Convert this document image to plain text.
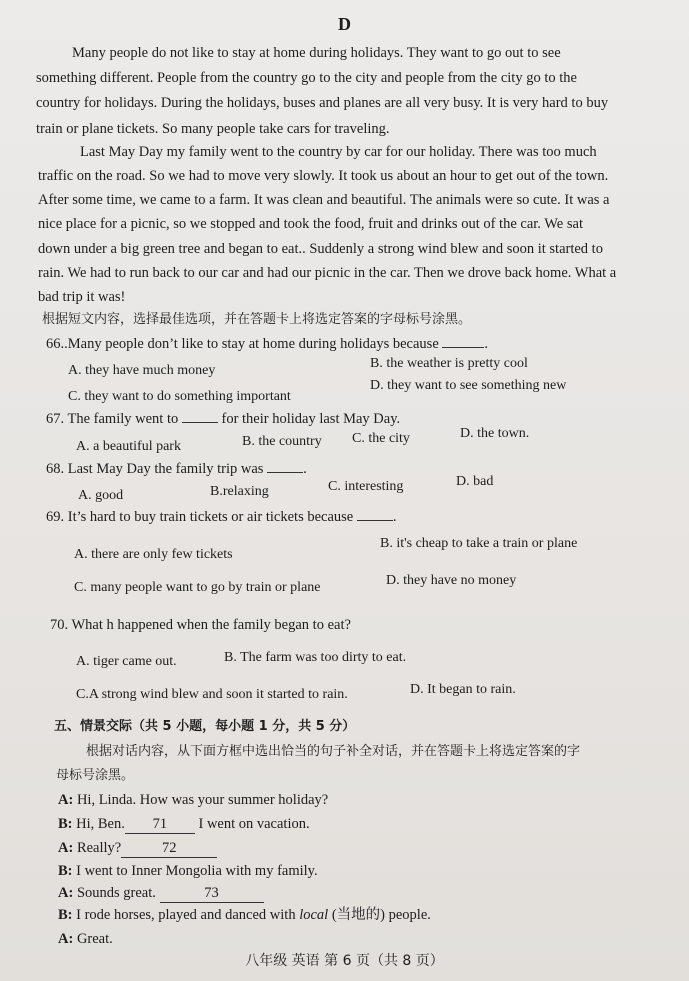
D
Many people do not like to stay at home during holidays. They want to go out to see
something different. People from the country go to the city and people from the city go to the
country for holidays. During the holidays, buses and planes are all very busy. It is very hard to buy
train or plane tickets. So many people take cars for traveling.
Last May Day my family went to the country by car for our holiday. There was too much
traffic on the road. So we had to move very slowly. It took us about an hour to get out of the town.
After some time, we came to a farm. It was clean and beautiful. The animals were so cute. It was a
nice place for a picnic, so we stopped and took the food, fruit and drinks out of the car. We sat
down under a big green tree and began to eat.. Suddenly a strong wind blew and soon it started to
rain. We had to run back to our car and had our picnic in the car. Then we drove back home. What a
bad trip it was!
根据短文内容，选择最佳选项，并在答题卡上将选定答案的字母标号涂黑。
66..Many people don’t like to stay at home during holidays because	.
A. they have much money	B. the weather is pretty cool
C. they want to do something important
D. they want to see something new
67. The family went to	for their holiday last May Day.
A. a beautiful park	B. the country C. the city	D. the town.
68. Last May Day the family trip was	.
A. good	B.relaxing	C. interesting	D. bad
69. It’s hard to buy train tickets or air tickets because	.
A. there are only few tickets
B. it's cheap to take a train or plane
C. many people want to go by train or plane	D. they have no money
70. What h happened when the family began to eat?
A. tiger came out.	B. The farm was too dirty to eat.
C.A strong wind blew and soon it started to rain.	D. It began to rain.
五、情景交际（共 5 小题，每小题 1 分，共 5 分）
根据对话内容，从下面方框中选出恰当的句子补全对话，并在答题卡上将选定答案的字
母标号涂黑。
A: Hi, Linda. How was your summer holiday?
B: Hi, Ben. 71 I went on vacation.
A: Really?	72
B: I went to Inner Mongolia with my family.
A: Sounds great.	73
B: I rode horses, played and danced with local (当地的) people.
A: Great.
八年级 英语 第 6 页（共 8 页）
